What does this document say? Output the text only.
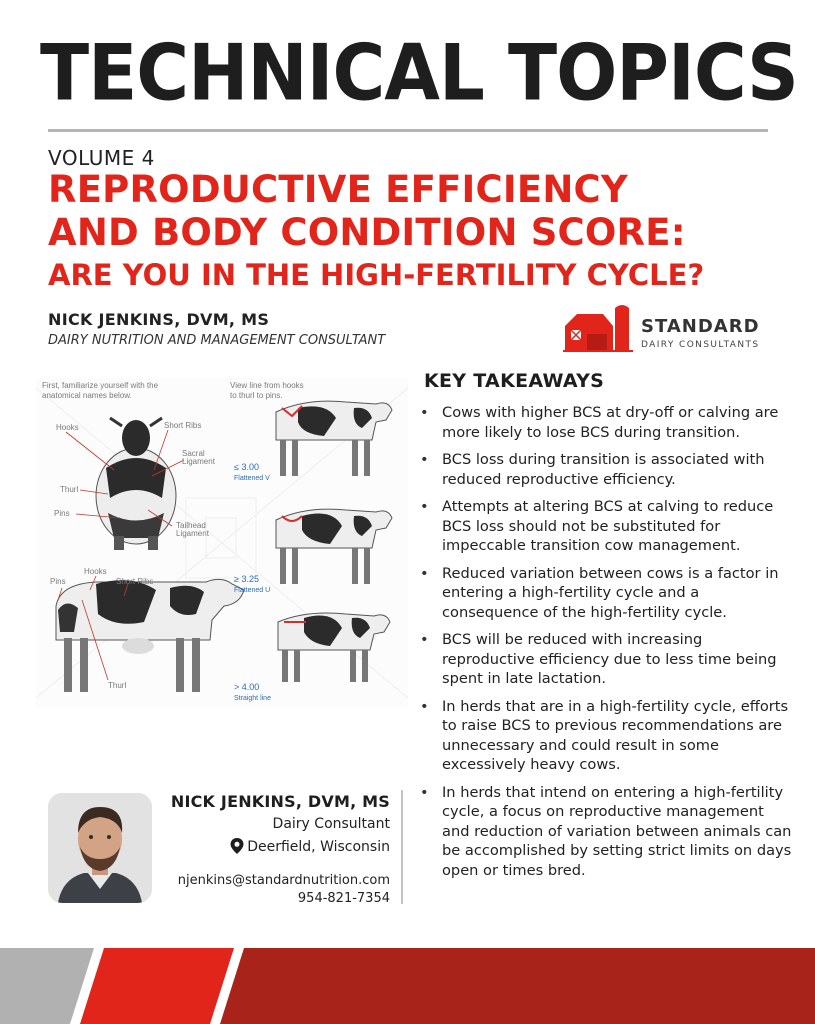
TECHNICAL TOPICS
VOLUME 4
REPRODUCTIVE EFFICIENCY
AND BODY CONDITION SCORE:
ARE YOU IN THE HIGH-FERTILITY CYCLE?
NICK JENKINS, DVM, MS
DAIRY NUTRITION AND MANAGEMENT CONSULTANT
STANDARD
DAIRY CONSULTANTS
First, familiarize yourself with the
anatomical names below.
View line from hooks
to thurl to pins.
Hooks	Short Ribs
Sacral
Ligament
Thurl
Pins
Tailhead
Ligament
Hooks
Short Ribs
Pins
Thurl
≤ 3.00
Flattened V
≥ 3.25
Flattened U
> 4.00
Straight line
KEY TAKEAWAYS
• Cows with higher BCS at dry-off or calving are more likely to lose BCS during transition.
• BCS loss during transition is associated with reduced reproductive efficiency.
• Attempts at altering BCS at calving to reduce BCS loss should not be substituted for impeccable transition cow management.
• Reduced variation between cows is a factor in entering a high-fertility cycle and a consequence of the high-fertility cycle.
• BCS will be reduced with increasing reproductive efficiency due to less time being spent in late lactation.
• In herds that are in a high-fertility cycle, efforts to raise BCS to previous recommendations are unnecessary and could result in some excessively heavy cows.
• In herds that intend on entering a high-fertility cycle, a focus on reproductive management and reduction of variation between animals can be accomplished by setting strict limits on days open or times bred.
NICK JENKINS, DVM, MS
Dairy Consultant
Deerfield, Wisconsin
njenkins@standardnutrition.com
954-821-7354
